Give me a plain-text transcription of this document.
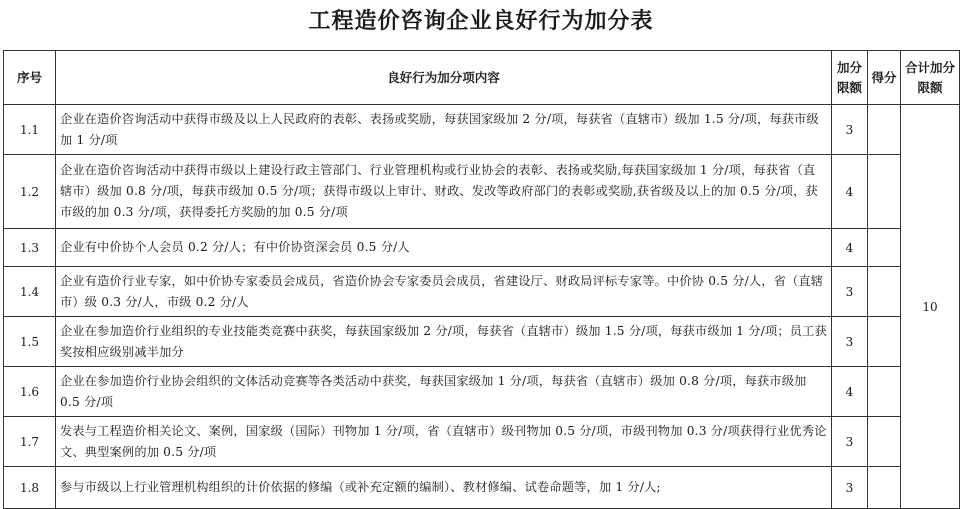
工程造价咨询企业良好行为加分表
序号	良好行为加分项内容	加分限额	得分	合计加分限额
1.1	企业在造价咨询活动中获得市级及以上人民政府的表彰、表扬或奖励，每获国家级加 2 分/项，每获省（直辖市）级加 1.5 分/项，每获市级加 1 分/项	3		10
1.2	企业在造价咨询活动中获得市级以上建设行政主管部门、行业管理机构或行业协会的表彰、表扬或奖励,每获国家级加 1 分/项，每获省（直辖市）级加 0.8 分/项，每获市级加 0.5 分/项；获得市级以上审计、财政、发改等政府部门的表彰或奖励,获省级及以上的加 0.5 分/项，获市级的加 0.3 分/项，获得委托方奖励的加 0.5 分/项	4		
1.3	企业有中价协个人会员 0.2 分/人；有中价协资深会员 0.5 分/人	4		
1.4	企业有造价行业专家，如中价协专家委员会成员，省造价协会专家委员会成员，省建设厅、财政局评标专家等。中价协 0.5 分/人，省（直辖市）级 0.3 分/人，市级 0.2 分/人	3		
1.5	企业在参加造价行业组织的专业技能类竞赛中获奖，每获国家级加 2 分/项，每获省（直辖市）级加 1.5 分/项，每获市级加 1 分/项；员工获奖按相应级别减半加分	3		
1.6	企业在参加造价行业协会组织的文体活动竞赛等各类活动中获奖，每获国家级加 1 分/项，每获省（直辖市）级加 0.8 分/项，每获市级加 0.5 分/项	4		
1.7	发表与工程造价相关论文、案例，国家级（国际）刊物加 1 分/项，省（直辖市）级刊物加 0.5 分/项，市级刊物加 0.3 分/项获得行业优秀论文、典型案例的加 0.5 分/项	3		
1.8	参与市级以上行业管理机构组织的计价依据的修编（或补充定额的编制）、教材修编、试卷命题等，加 1 分/人;	3		
